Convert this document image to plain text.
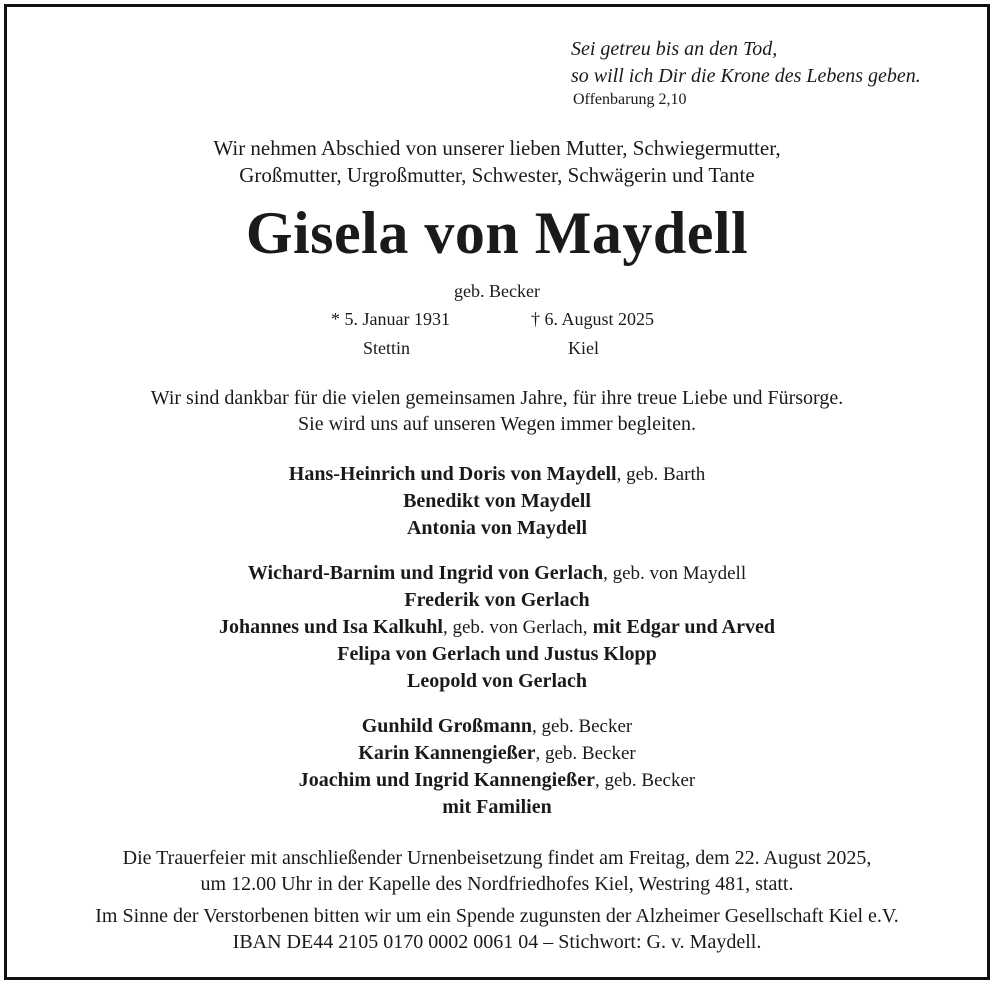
Sei getreu bis an den Tod,
so will ich Dir die Krone des Lebens geben.
Offenbarung 2,10
Wir nehmen Abschied von unserer lieben Mutter, Schwiegermutter,
Großmutter, Urgroßmutter, Schwester, Schwägerin und Tante
Gisela von Maydell
geb. Becker
* 5. Januar 1931	† 6. August 2025
Stettin	Kiel
Wir sind dankbar für die vielen gemeinsamen Jahre, für ihre treue Liebe und Fürsorge.
Sie wird uns auf unseren Wegen immer begleiten.
Hans-Heinrich und Doris von Maydell, geb. Barth
Benedikt von Maydell
Antonia von Maydell
Wichard-Barnim und Ingrid von Gerlach, geb. von Maydell
Frederik von Gerlach
Johannes und Isa Kalkuhl, geb. von Gerlach, mit Edgar und Arved
Felipa von Gerlach und Justus Klopp
Leopold von Gerlach
Gunhild Großmann, geb. Becker
Karin Kannengießer, geb. Becker
Joachim und Ingrid Kannengießer, geb. Becker
mit Familien
Die Trauerfeier mit anschließender Urnenbeisetzung findet am Freitag, dem 22. August 2025,
um 12.00 Uhr in der Kapelle des Nordfriedhofes Kiel, Westring 481, statt.
Im Sinne der Verstorbenen bitten wir um ein Spende zugunsten der Alzheimer Gesellschaft Kiel e.V.
IBAN DE44 2105 0170 0002 0061 04 – Stichwort: G. v. Maydell.
